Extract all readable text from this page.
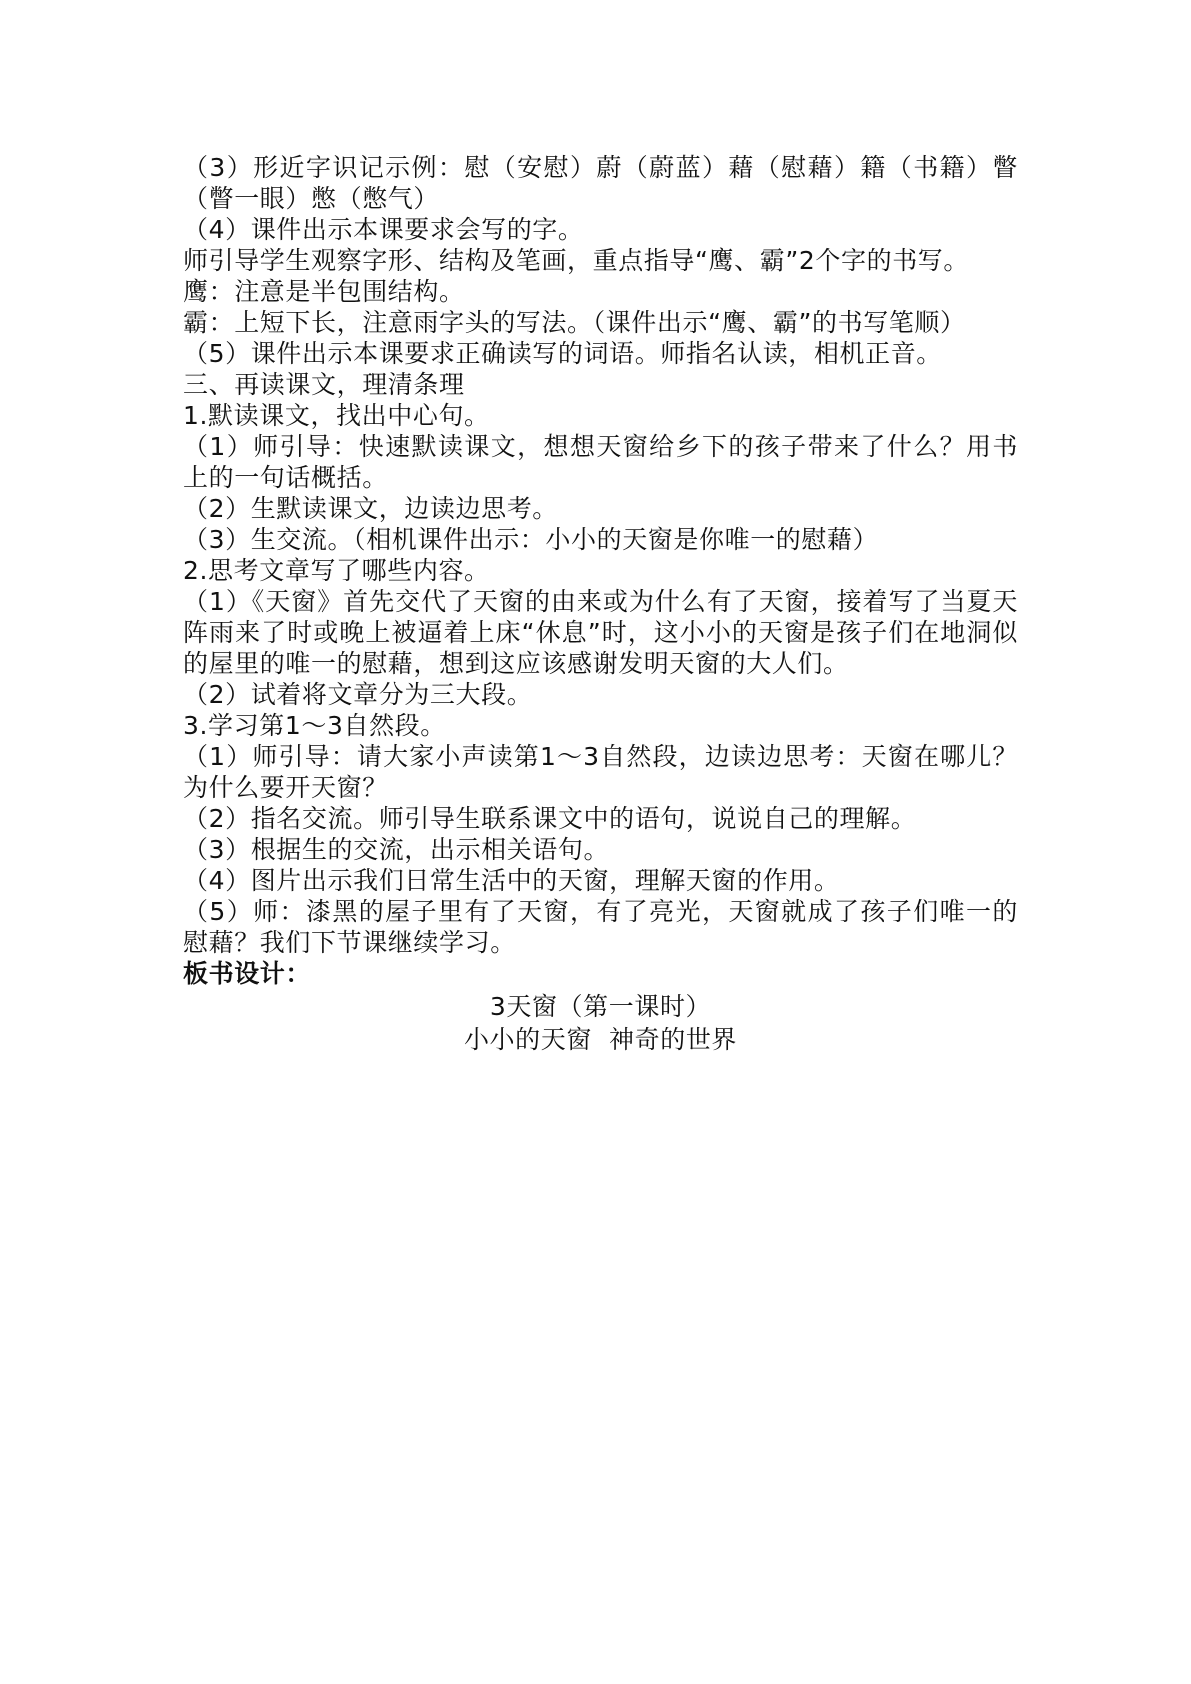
（3）形近字识记示例：慰（安慰）蔚（蔚蓝）藉（慰藉）籍（书籍）瞥（瞥一眼）憋（憋气）

（4）课件出示本课要求会写的字。

师引导学生观察字形、结构及笔画，重点指导“鹰、霸”2个字的书写。

鹰：注意是半包围结构。

霸：上短下长，注意雨字头的写法。（课件出示“鹰、霸”的书写笔顺）

（5）课件出示本课要求正确读写的词语。师指名认读，相机正音。

三、再读课文，理清条理

1.默读课文，找出中心句。

（1）师引导：快速默读课文，想想天窗给乡下的孩子带来了什么？用书上的一句话概括。

（2）生默读课文，边读边思考。

（3）生交流。（相机课件出示：小小的天窗是你唯一的慰藉）

2.思考文章写了哪些内容。

（1）《天窗》首先交代了天窗的由来或为什么有了天窗，接着写了当夏天阵雨来了时或晚上被逼着上床“休息”时，这小小的天窗是孩子们在地洞似的屋里的唯一的慰藉，想到这应该感谢发明天窗的大人们。

（2）试着将文章分为三大段。

3.学习第1～3自然段。

（1）师引导：请大家小声读第1～3自然段，边读边思考：天窗在哪儿？为什么要开天窗？

（2）指名交流。师引导生联系课文中的语句，说说自己的理解。

（3）根据生的交流，出示相关语句。

（4）图片出示我们日常生活中的天窗，理解天窗的作用。

（5）师：漆黑的屋子里有了天窗，有了亮光，天窗就成了孩子们唯一的慰藉？我们下节课继续学习。

板书设计：

3天窗（第一课时）

小小的天窗  神奇的世界
